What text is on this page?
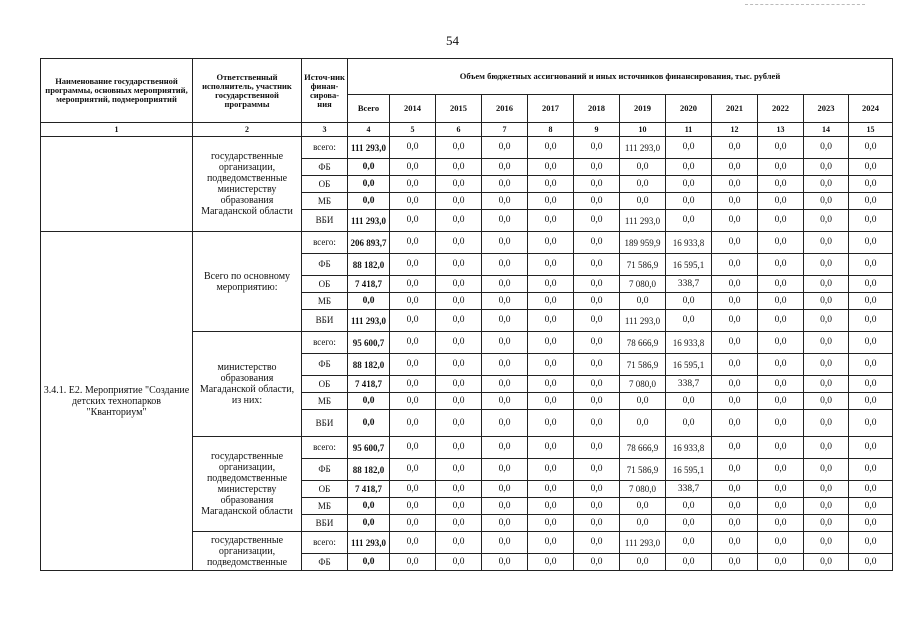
54
Наименование государственной программы, основных мероприятий, мероприятий, подмероприятий	Ответственный исполнитель, участник государственной программы	Источ-ник финан-сирова-ния	Объем бюджетных ассигнований и иных источников финансирования, тыс. рублей											
			Всего	2014	2015	2016	2017	2018	2019	2020	2021	2022	2023	2024
1	2	3	4	5	6	7	8	9	10	11	12	13	14	15
	государственные организации, подведомственные министерству образования Магаданской области	всего:	111 293,0	0,0	0,0	0,0	0,0	0,0	111 293,0	0,0	0,0	0,0	0,0	0,0
		ФБ	0,0	0,0	0,0	0,0	0,0	0,0	0,0	0,0	0,0	0,0	0,0	0,0
		ОБ	0,0	0,0	0,0	0,0	0,0	0,0	0,0	0,0	0,0	0,0	0,0	0,0
		МБ	0,0	0,0	0,0	0,0	0,0	0,0	0,0	0,0	0,0	0,0	0,0	0,0
		ВБИ	111 293,0	0,0	0,0	0,0	0,0	0,0	111 293,0	0,0	0,0	0,0	0,0	0,0
3.4.1. Е2. Мероприятие "Создание детских технопарков "Кванториум"	Всего по основному мероприятию:	всего:	206 893,7	0,0	0,0	0,0	0,0	0,0	189 959,9	16 933,8	0,0	0,0	0,0	0,0
		ФБ	88 182,0	0,0	0,0	0,0	0,0	0,0	71 586,9	16 595,1	0,0	0,0	0,0	0,0
		ОБ	7 418,7	0,0	0,0	0,0	0,0	0,0	7 080,0	338,7	0,0	0,0	0,0	0,0
		МБ	0,0	0,0	0,0	0,0	0,0	0,0	0,0	0,0	0,0	0,0	0,0	0,0
		ВБИ	111 293,0	0,0	0,0	0,0	0,0	0,0	111 293,0	0,0	0,0	0,0	0,0	0,0
	министерство образования Магаданской области, из них:	всего:	95 600,7	0,0	0,0	0,0	0,0	0,0	78 666,9	16 933,8	0,0	0,0	0,0	0,0
		ФБ	88 182,0	0,0	0,0	0,0	0,0	0,0	71 586,9	16 595,1	0,0	0,0	0,0	0,0
		ОБ	7 418,7	0,0	0,0	0,0	0,0	0,0	7 080,0	338,7	0,0	0,0	0,0	0,0
		МБ	0,0	0,0	0,0	0,0	0,0	0,0	0,0	0,0	0,0	0,0	0,0	0,0
		ВБИ	0,0	0,0	0,0	0,0	0,0	0,0	0,0	0,0	0,0	0,0	0,0	0,0
	государственные организации, подведомственные министерству образования Магаданской области	всего:	95 600,7	0,0	0,0	0,0	0,0	0,0	78 666,9	16 933,8	0,0	0,0	0,0	0,0
		ФБ	88 182,0	0,0	0,0	0,0	0,0	0,0	71 586,9	16 595,1	0,0	0,0	0,0	0,0
		ОБ	7 418,7	0,0	0,0	0,0	0,0	0,0	7 080,0	338,7	0,0	0,0	0,0	0,0
		МБ	0,0	0,0	0,0	0,0	0,0	0,0	0,0	0,0	0,0	0,0	0,0	0,0
		ВБИ	0,0	0,0	0,0	0,0	0,0	0,0	0,0	0,0	0,0	0,0	0,0	0,0
	государственные организации, подведомственные	всего:	111 293,0	0,0	0,0	0,0	0,0	0,0	111 293,0	0,0	0,0	0,0	0,0	0,0
		ФБ	0,0	0,0	0,0	0,0	0,0	0,0	0,0	0,0	0,0	0,0	0,0	0,0
